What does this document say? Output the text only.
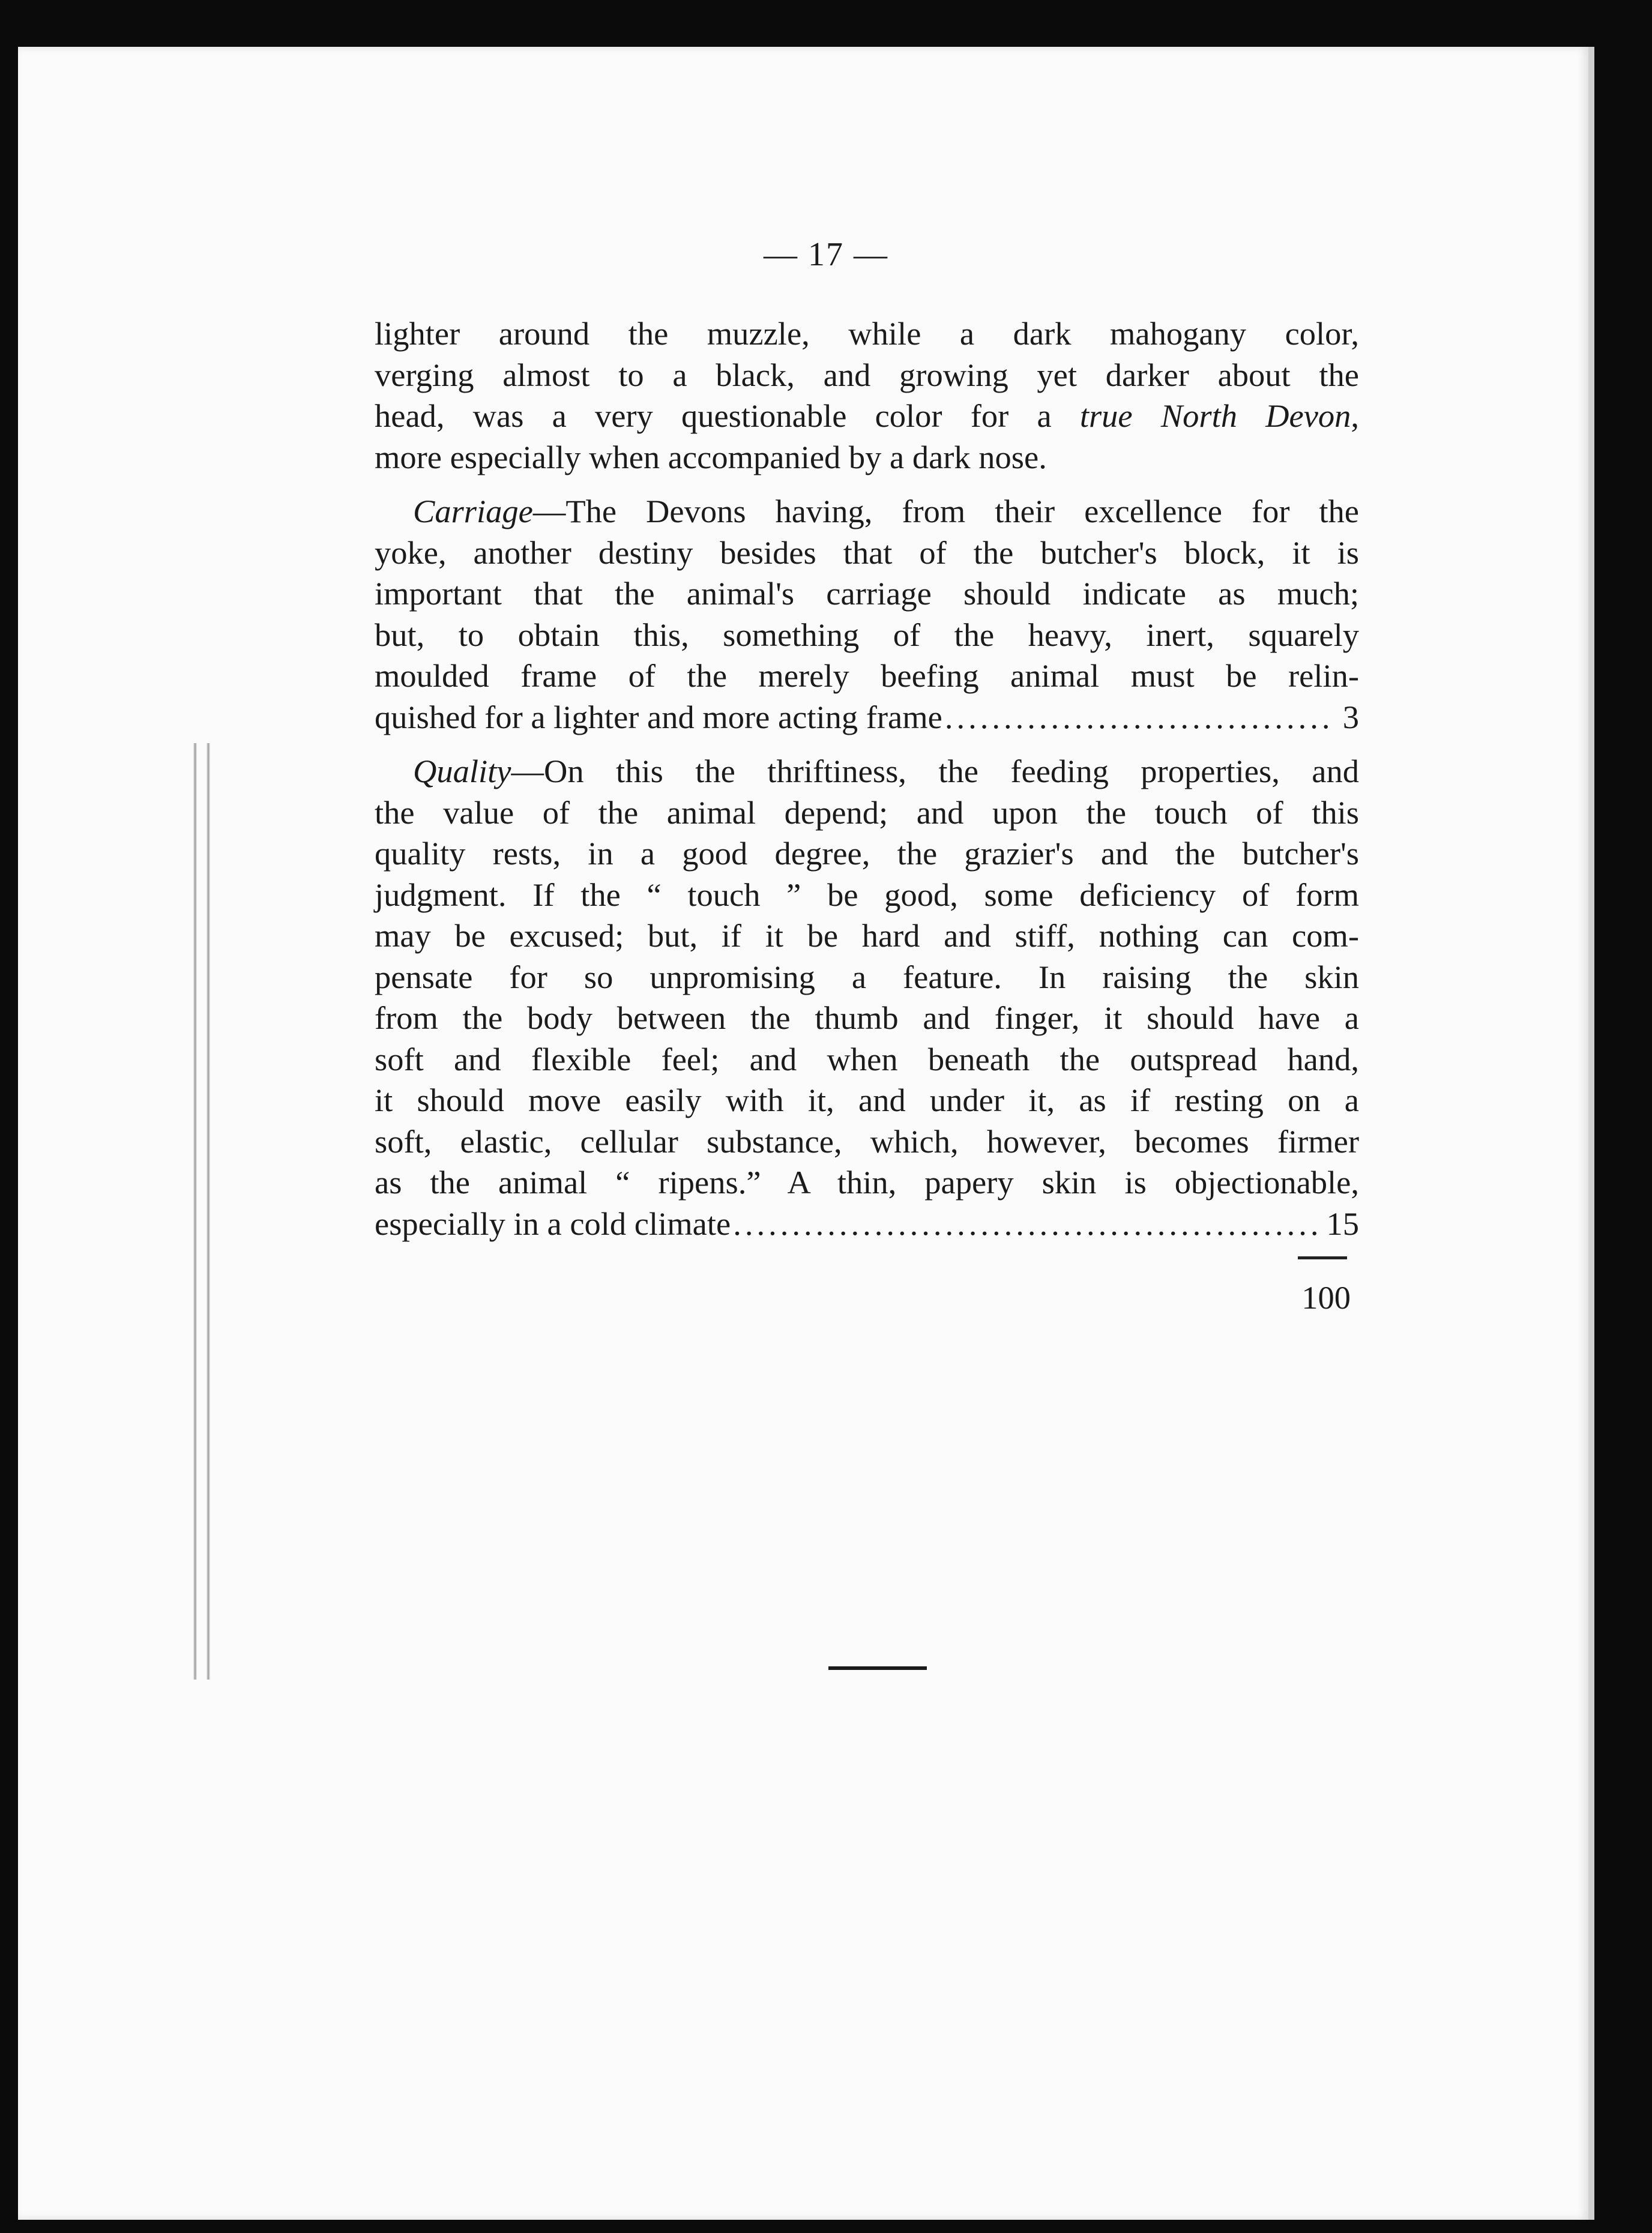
— 17 —
lighter around the muzzle, while a dark mahogany color,
verging almost to a black, and growing yet darker about the
head, was a very questionable color for a true North Devon,
more especially when accompanied by a dark nose.
Carriage—The Devons having, from their excellence for the
yoke, another destiny besides that of the butcher's block, it is
important that the animal's carriage should indicate as much;
but, to obtain this, something of the heavy, inert, squarely
moulded frame of the merely beefing animal must be relin-
quished for a lighter and more acting frame .....	3
Quality—On this the thriftiness, the feeding properties, and
the value of the animal depend; and upon the touch of this
quality rests, in a good degree, the grazier's and the butcher's
judgment. If the “ touch ” be good, some deficiency of form
may be excused; but, if it be hard and stiff, nothing can com-
pensate for so unpromising a feature. In raising the skin
from the body between the thumb and finger, it should have a
soft and flexible feel; and when beneath the outspread hand,
it should move easily with it, and under it, as if resting on a
soft, elastic, cellular substance, which, however, becomes firmer
as the animal “ ripens.” A thin, papery skin is objectionable,
especially in a cold climate .....	15
100
